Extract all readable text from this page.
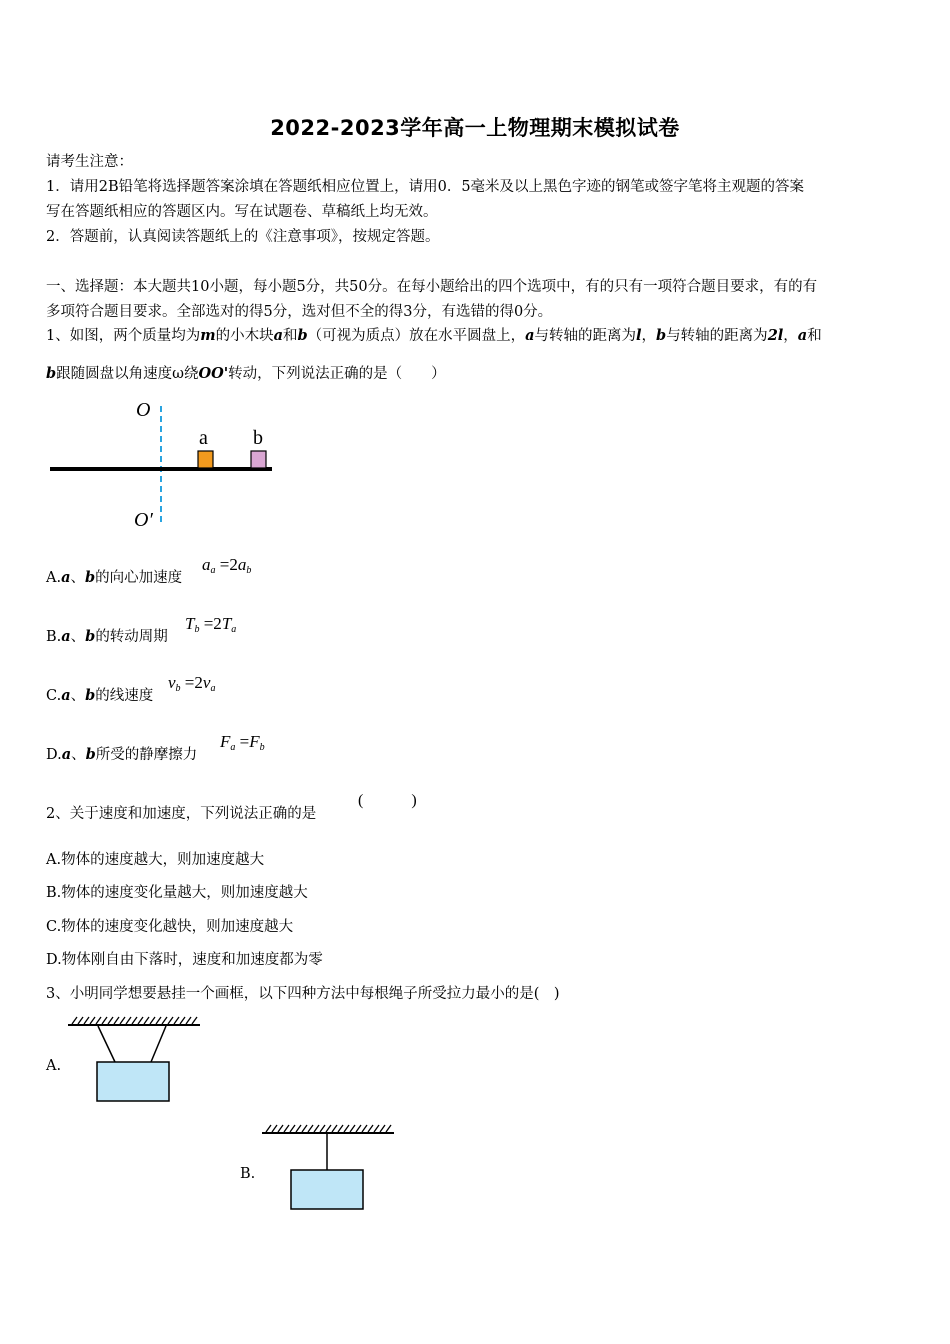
2022-2023学年高一上物理期末模拟试卷
请考生注意：
1．请用2B铅笔将选择题答案涂填在答题纸相应位置上，请用0．5毫米及以上黑色字迹的钢笔或签字笔将主观题的答案
写在答题纸相应的答题区内。写在试题卷、草稿纸上均无效。
2．答题前，认真阅读答题纸上的《注意事项》，按规定答题。
一、选择题：本大题共10小题，每小题5分，共50分。在每小题给出的四个选项中，有的只有一项符合题目要求，有的有
多项符合题目要求。全部选对的得5分，选对但不全的得3分，有选错的得0分。
1、如图，两个质量均为m的小木块a和b（可视为质点）放在水平圆盘上，a与转轴的距离为l，b与转轴的距离为2l，a和
b跟随圆盘以角速度ω绕OO'转动，下列说法正确的是（　　）
O
O′
a b
A.a、b的向心加速度
$a_a =2a_b$
B.a、b的转动周期
$T_b =2T_a$
C.a、b的线速度
$v_b =2v_a$
D.a、b所受的静摩擦力
$F_a =F_b$
2、关于速度和加速度，下列说法正确的是
(　　　)
A.物体的速度越大，则加速度越大
B.物体的速度变化量越大，则加速度越大
C.物体的速度变化越快，则加速度越大
D.物体刚自由下落时，速度和加速度都为零
3、小明同学想要悬挂一个画框，以下四种方法中每根绳子所受拉力最小的是(　)
A.
B.
